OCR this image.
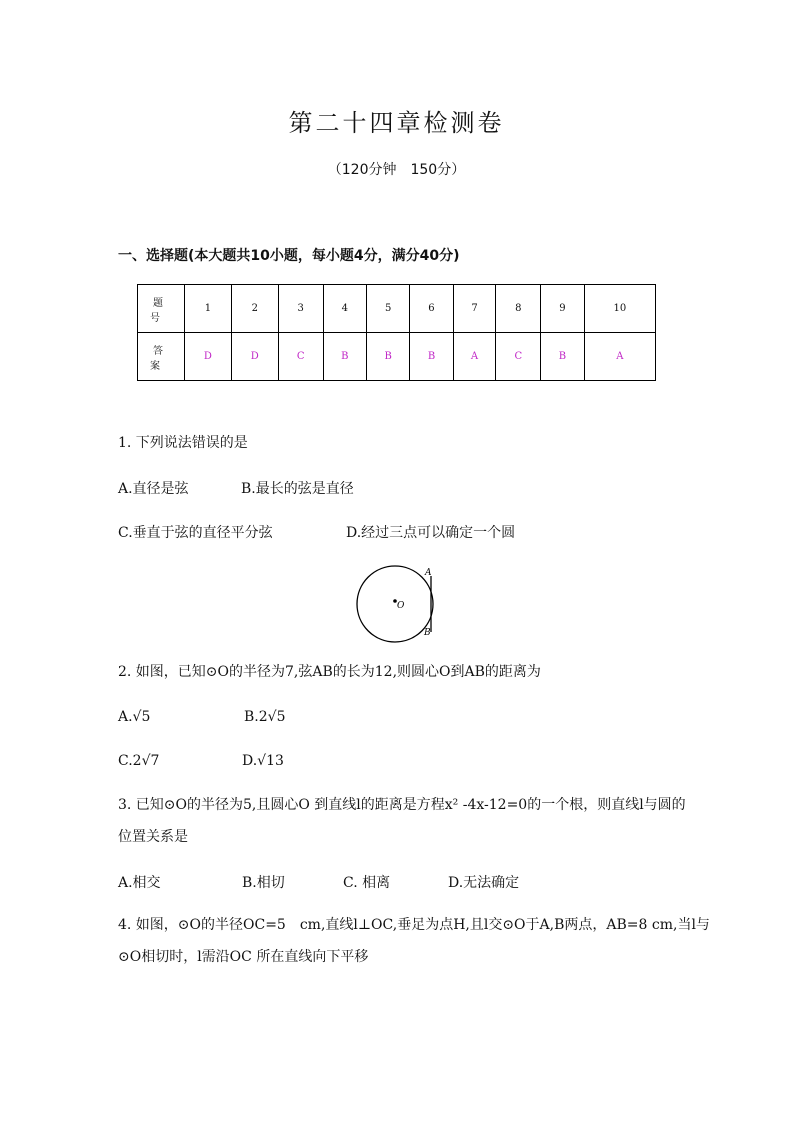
第二十四章检测卷
（120分钟　150分）
一、选择题(本大题共10小题，每小题4分，满分40分)
题号	1	2	3	4	5	6	7	8	9	10
答案	D	D	C	B	B	B	A	C	B	A
1. 下列说法错误的是
A.直径是弦	B.最长的弦是直径
C.垂直于弦的直径平分弦	D.经过三点可以确定一个圆
A
O
B
2. 如图，已知⊙O的半径为7,弦AB的长为12,则圆心O到AB的距离为
A.√5	B.2√5
C.2√7	D.√13
3. 已知⊙O的半径为5,且圆心O 到直线l的距离是方程x² -4x-12=0的一个根，则直线l与圆的
位置关系是
A.相交	B.相切	C. 相离	D.无法确定
4. 如图，⊙O的半径OC=5　cm,直线l⊥OC,垂足为点H,且l交⊙O于A,B两点，AB=8 cm,当l与
⊙O相切时，l需沿OC 所在直线向下平移
